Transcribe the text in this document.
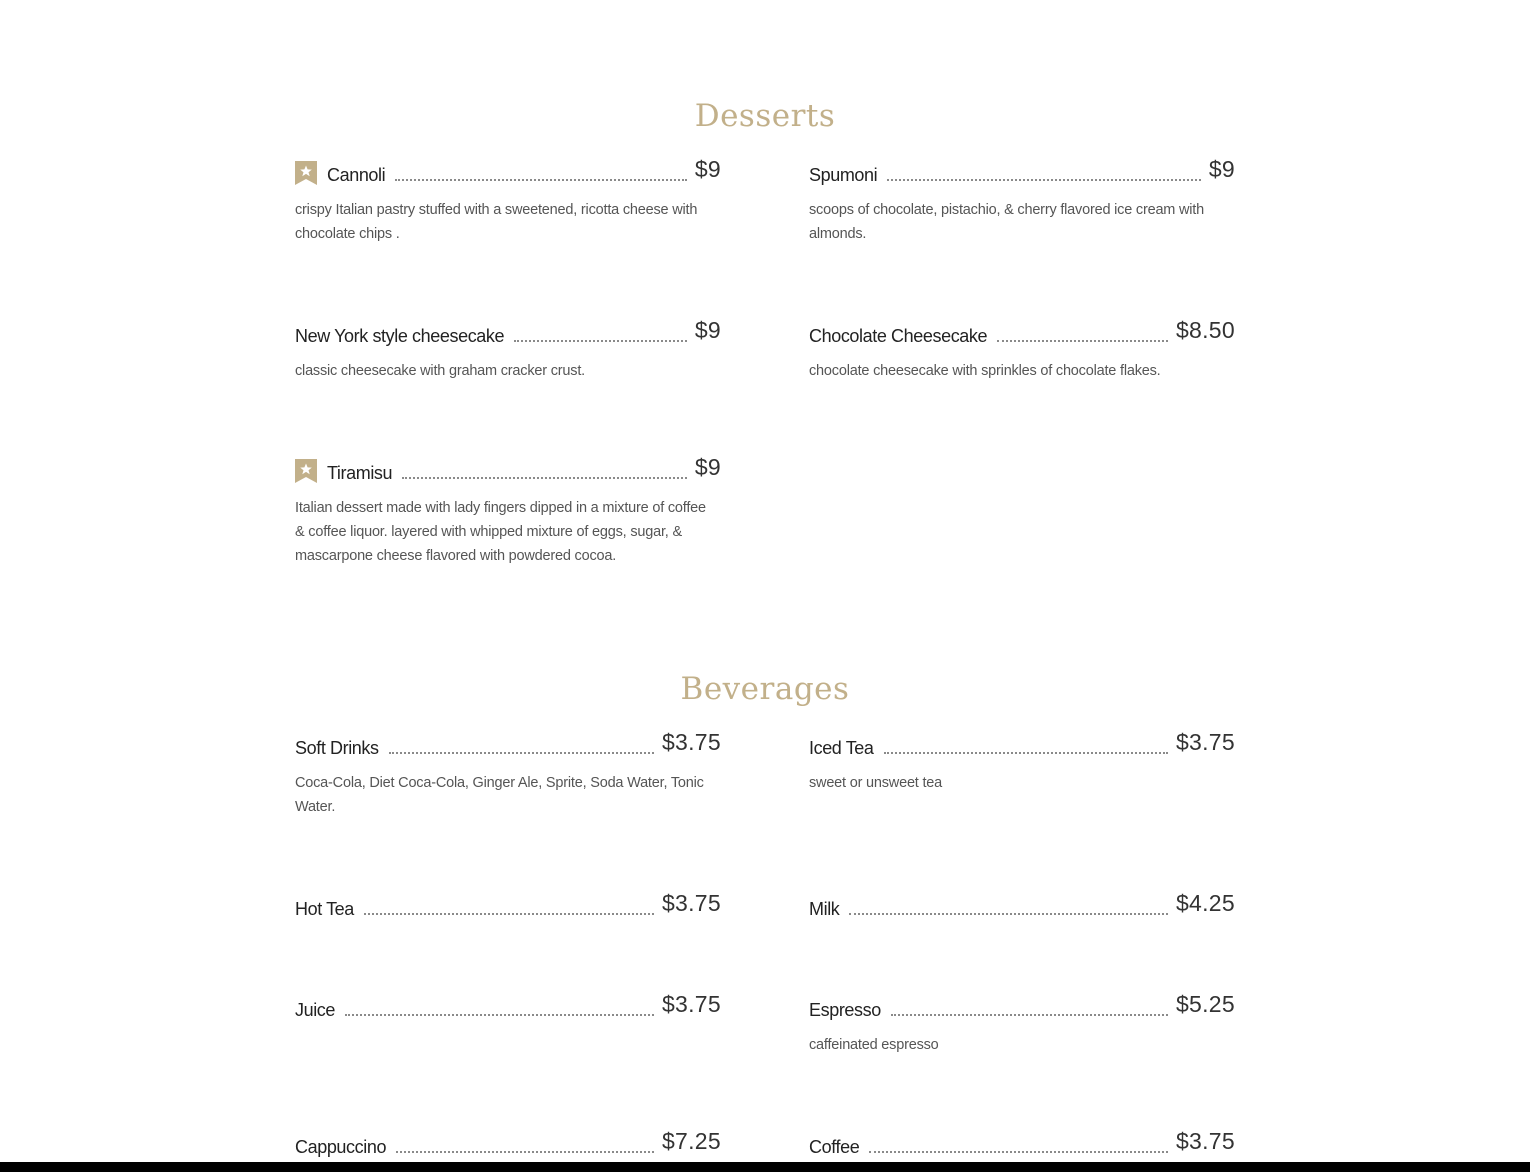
Desserts
Cannoli	$9
crispy Italian pastry stuffed with a sweetened, ricotta cheese with chocolate chips .
Spumoni	$9
scoops of chocolate, pistachio, & cherry flavored ice cream with almonds.
New York style cheesecake	$9
classic cheesecake with graham cracker crust.
Chocolate Cheesecake	$8.50
chocolate cheesecake with sprinkles of chocolate flakes.
Tiramisu	$9
Italian dessert made with lady fingers dipped in a mixture of coffee & coffee liquor. layered with whipped mixture of eggs, sugar, & mascarpone cheese flavored with powdered cocoa.
Beverages
Soft Drinks	$3.75
Coca-Cola, Diet Coca-Cola, Ginger Ale, Sprite, Soda Water, Tonic Water.
Iced Tea	$3.75
sweet or unsweet tea
Hot Tea	$3.75	Milk	$4.25
Juice	$3.75	Espresso	$5.25
caffeinated espresso
Cappuccino	$7.25	Coffee	$3.75
